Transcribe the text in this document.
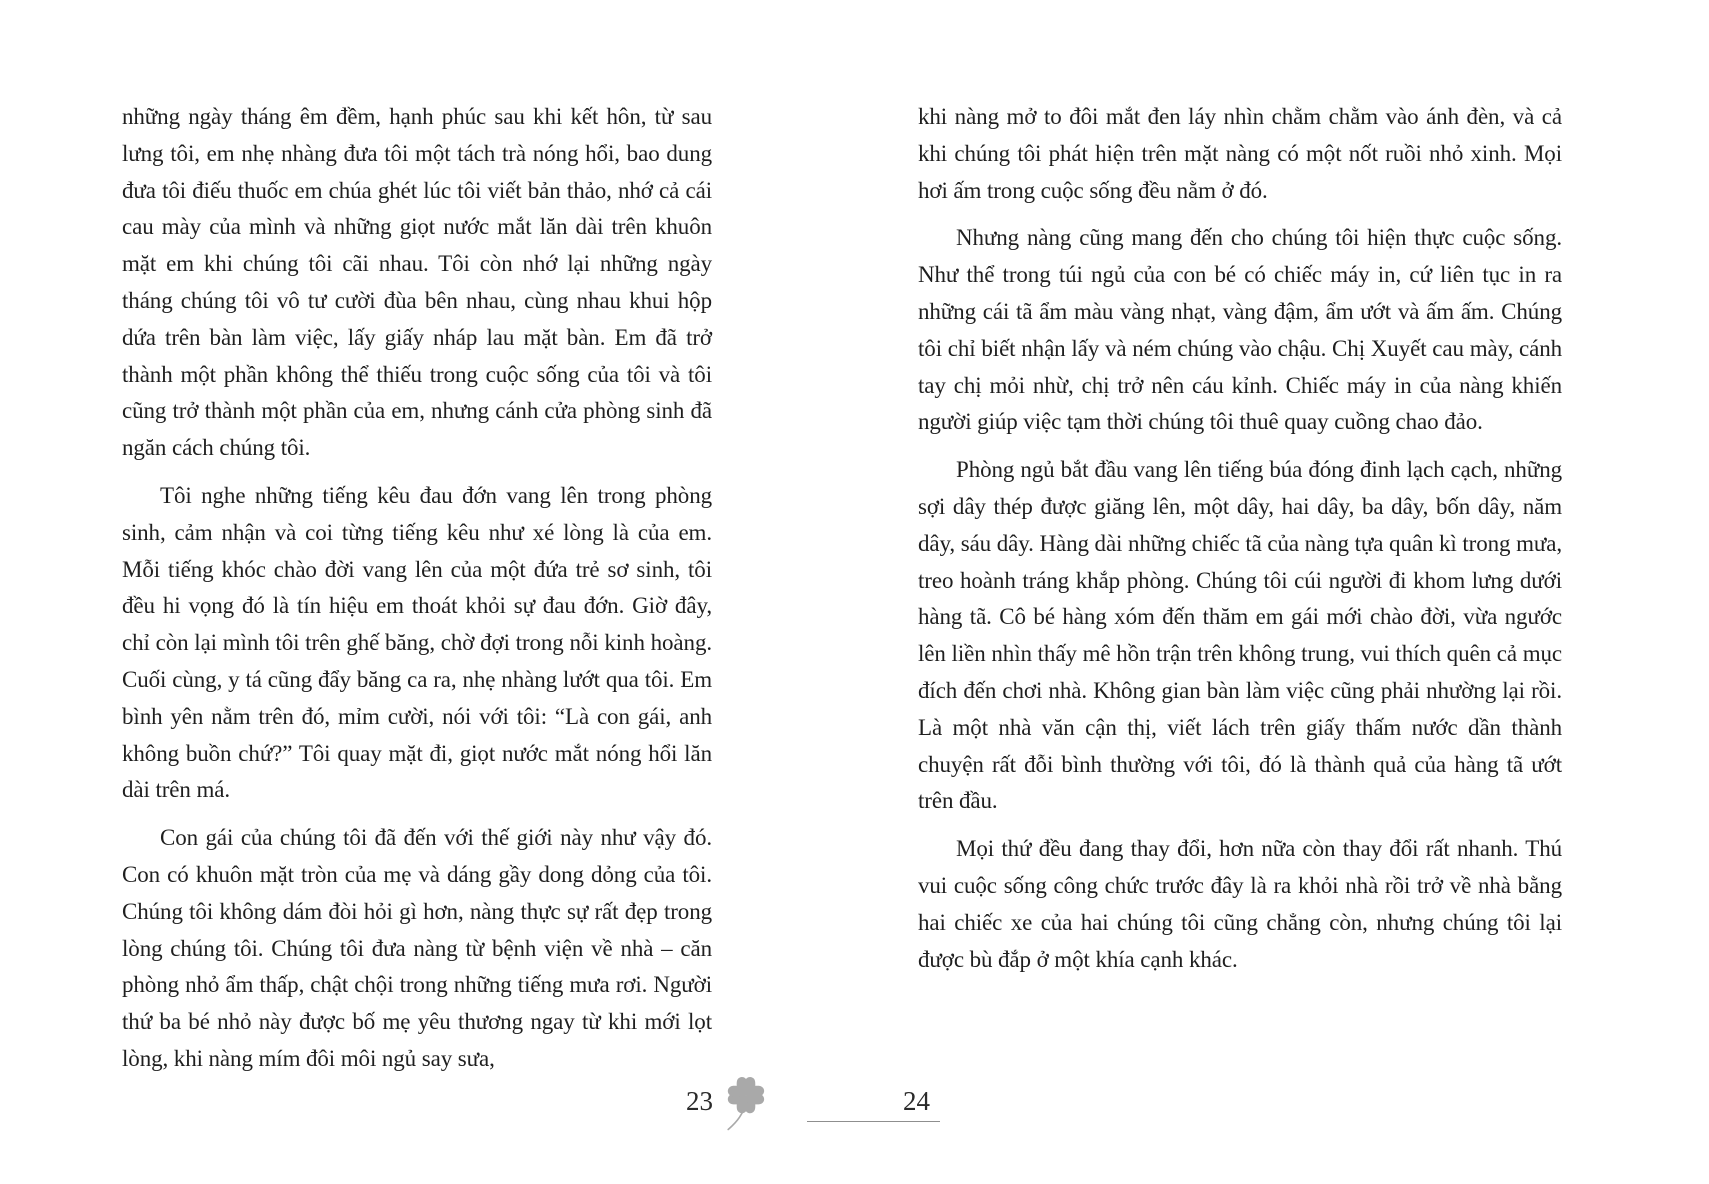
những ngày tháng êm đềm, hạnh phúc sau khi kết hôn, từ sau lưng tôi, em nhẹ nhàng đưa tôi một tách trà nóng hổi, bao dung đưa tôi điếu thuốc em chúa ghét lúc tôi viết bản thảo, nhớ cả cái cau mày của mình và những giọt nước mắt lăn dài trên khuôn mặt em khi chúng tôi cãi nhau. Tôi còn nhớ lại những ngày tháng chúng tôi vô tư cười đùa bên nhau, cùng nhau khui hộp dứa trên bàn làm việc, lấy giấy nháp lau mặt bàn. Em đã trở thành một phần không thể thiếu trong cuộc sống của tôi và tôi cũng trở thành một phần của em, nhưng cánh cửa phòng sinh đã ngăn cách chúng tôi.

Tôi nghe những tiếng kêu đau đớn vang lên trong phòng sinh, cảm nhận và coi từng tiếng kêu như xé lòng là của em. Mỗi tiếng khóc chào đời vang lên của một đứa trẻ sơ sinh, tôi đều hi vọng đó là tín hiệu em thoát khỏi sự đau đớn. Giờ đây, chỉ còn lại mình tôi trên ghế băng, chờ đợi trong nỗi kinh hoàng. Cuối cùng, y tá cũng đẩy băng ca ra, nhẹ nhàng lướt qua tôi. Em bình yên nằm trên đó, mỉm cười, nói với tôi: “Là con gái, anh không buồn chứ?” Tôi quay mặt đi, giọt nước mắt nóng hổi lăn dài trên má.

Con gái của chúng tôi đã đến với thế giới này như vậy đó. Con có khuôn mặt tròn của mẹ và dáng gầy dong dỏng của tôi. Chúng tôi không dám đòi hỏi gì hơn, nàng thực sự rất đẹp trong lòng chúng tôi. Chúng tôi đưa nàng từ bệnh viện về nhà – căn phòng nhỏ ẩm thấp, chật chội trong những tiếng mưa rơi. Người thứ ba bé nhỏ này được bố mẹ yêu thương ngay từ khi mới lọt lòng, khi nàng mím đôi môi ngủ say sưa,

khi nàng mở to đôi mắt đen láy nhìn chằm chằm vào ánh đèn, và cả khi chúng tôi phát hiện trên mặt nàng có một nốt ruồi nhỏ xinh. Mọi hơi ấm trong cuộc sống đều nằm ở đó.

Nhưng nàng cũng mang đến cho chúng tôi hiện thực cuộc sống. Như thể trong túi ngủ của con bé có chiếc máy in, cứ liên tục in ra những cái tã ẩm màu vàng nhạt, vàng đậm, ẩm ướt và ấm ấm. Chúng tôi chỉ biết nhận lấy và ném chúng vào chậu. Chị Xuyết cau mày, cánh tay chị mỏi nhừ, chị trở nên cáu kỉnh. Chiếc máy in của nàng khiến người giúp việc tạm thời chúng tôi thuê quay cuồng chao đảo.

Phòng ngủ bắt đầu vang lên tiếng búa đóng đinh lạch cạch, những sợi dây thép được giăng lên, một dây, hai dây, ba dây, bốn dây, năm dây, sáu dây. Hàng dài những chiếc tã của nàng tựa quân kì trong mưa, treo hoành tráng khắp phòng. Chúng tôi cúi người đi khom lưng dưới hàng tã. Cô bé hàng xóm đến thăm em gái mới chào đời, vừa ngước lên liền nhìn thấy mê hồn trận trên không trung, vui thích quên cả mục đích đến chơi nhà. Không gian bàn làm việc cũng phải nhường lại rồi. Là một nhà văn cận thị, viết lách trên giấy thấm nước dần thành chuyện rất đỗi bình thường với tôi, đó là thành quả của hàng tã ướt trên đầu.

Mọi thứ đều đang thay đổi, hơn nữa còn thay đổi rất nhanh. Thú vui cuộc sống công chức trước đây là ra khỏi nhà rồi trở về nhà bằng hai chiếc xe của hai chúng tôi cũng chẳng còn, nhưng chúng tôi lại được bù đắp ở một khía cạnh khác.

23	24
